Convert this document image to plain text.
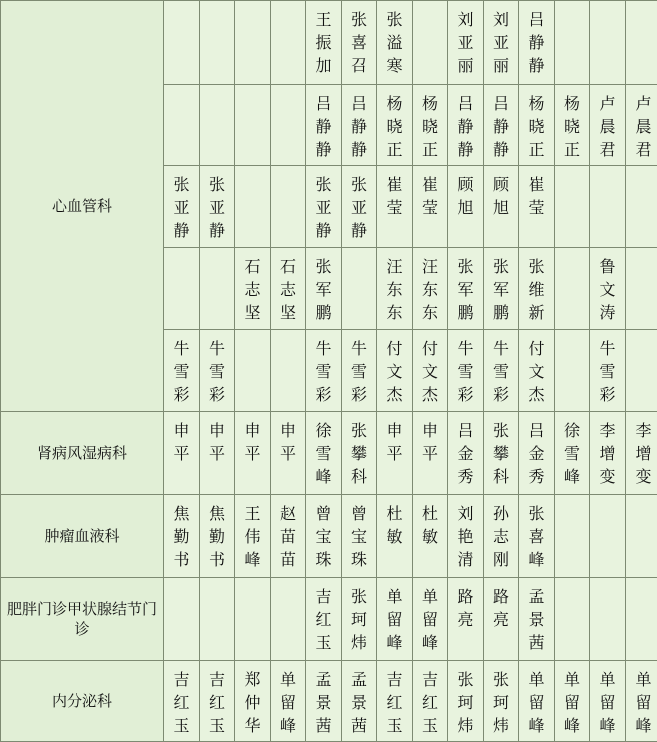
心血管科					王振加	张喜召	张溢寒		刘亚丽	刘亚丽	吕静静			
					吕静静	吕静静	杨晓正	杨晓正	吕静静	吕静静	杨晓正	杨晓正	卢晨君	卢晨君
	张亚静	张亚静			张亚静	张亚静	崔莹	崔莹	顾旭	顾旭	崔莹			
			石志坚	石志坚	张军鹏		汪东东	汪东东	张军鹏	张军鹏	张维新		鲁文涛	
	牛雪彩	牛雪彩			牛雪彩	牛雪彩	付文杰	付文杰	牛雪彩	牛雪彩	付文杰		牛雪彩	
肾病风湿病科	申平	申平	申平	申平	徐雪峰	张攀科	申平	申平	吕金秀	张攀科	吕金秀	徐雪峰	李增变	李增变
肿瘤血液科	焦勤书	焦勤书	王伟峰	赵苗苗	曾宝珠	曾宝珠	杜敏	杜敏	刘艳清	孙志刚	张喜峰			
肥胖门诊甲状腺结节门诊					吉红玉	张珂炜	单留峰	单留峰	路亮	路亮	孟景茜			
内分泌科	吉红玉	吉红玉	郑仲华	单留峰	孟景茜	孟景茜	吉红玉	吉红玉	张珂炜	张珂炜	单留峰	单留峰	单留峰	单留峰
